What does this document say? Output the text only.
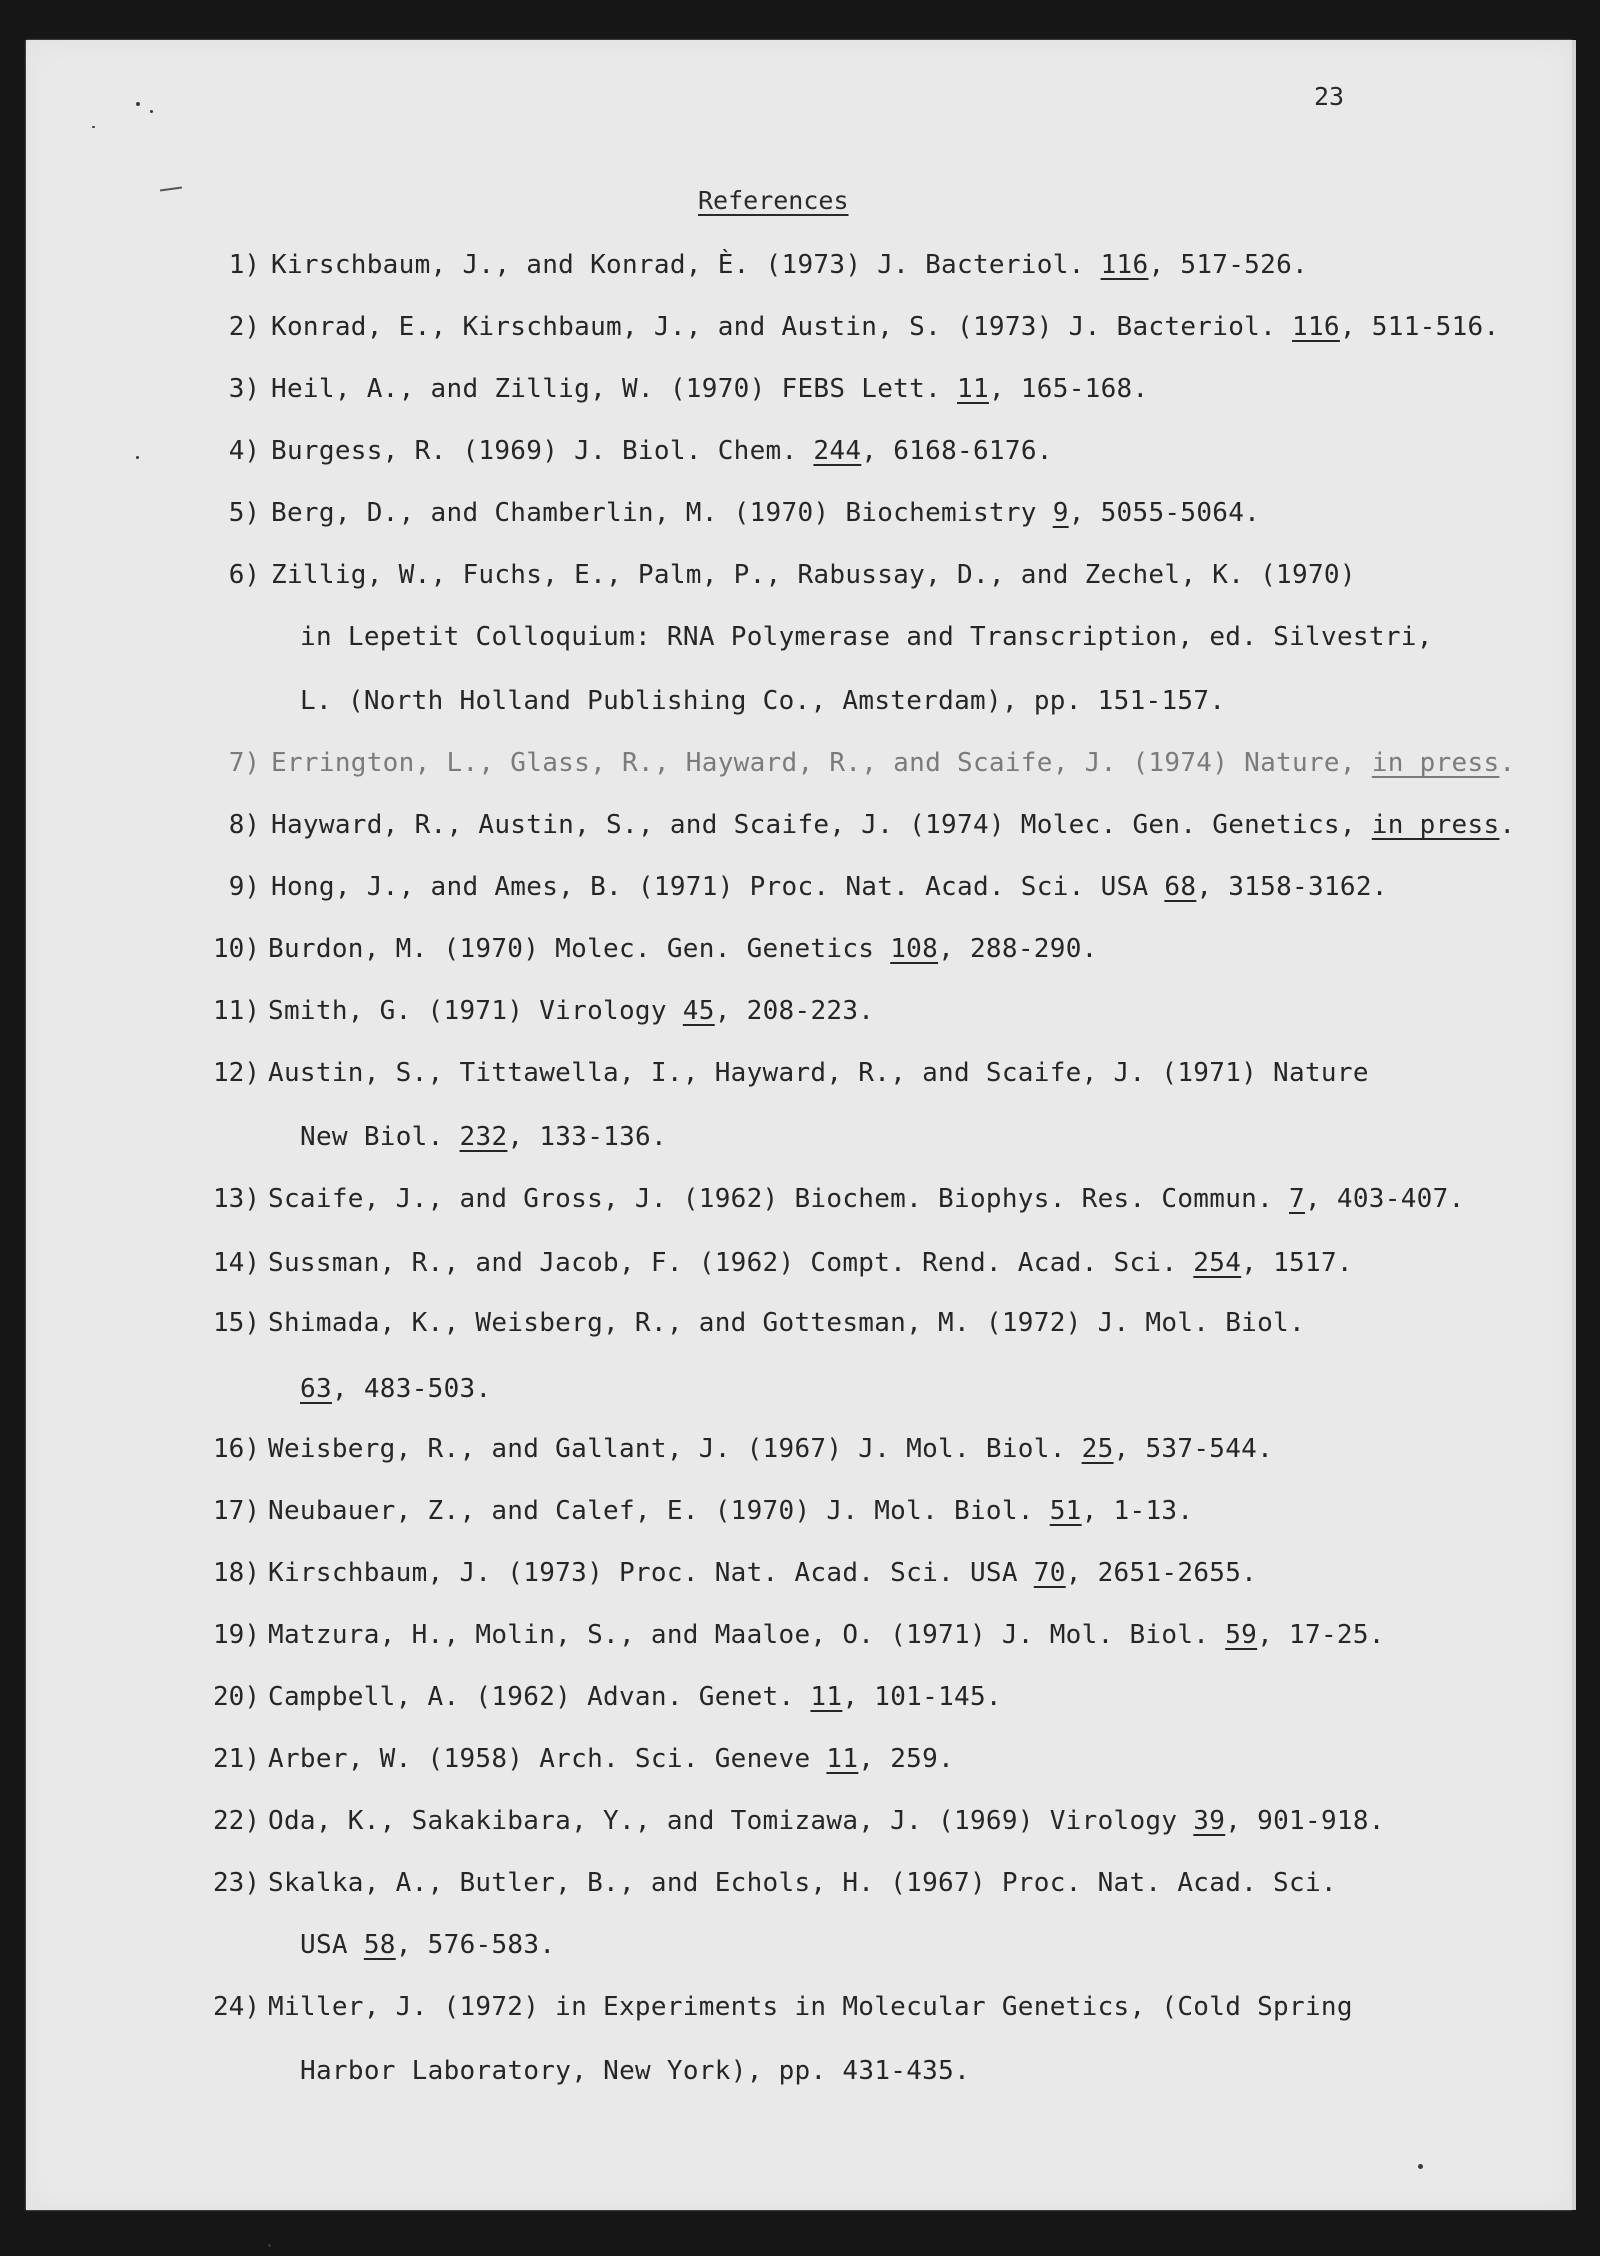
23
References
1) Kirschbaum, J., and Konrad, È. (1973) J. Bacteriol. 116, 517-526.
2) Konrad, E., Kirschbaum, J., and Austin, S. (1973) J. Bacteriol. 116, 511-516.
3) Heil, A., and Zillig, W. (1970) FEBS Lett. 11, 165-168.
4) Burgess, R. (1969) J. Biol. Chem. 244, 6168-6176.
5) Berg, D., and Chamberlin, M. (1970) Biochemistry 9, 5055-5064.
6) Zillig, W., Fuchs, E., Palm, P., Rabussay, D., and Zechel, K. (1970)
in Lepetit Colloquium: RNA Polymerase and Transcription, ed. Silvestri,
L. (North Holland Publishing Co., Amsterdam), pp. 151-157.
7) Errington, L., Glass, R., Hayward, R., and Scaife, J. (1974) Nature, in press.
8) Hayward, R., Austin, S., and Scaife, J. (1974) Molec. Gen. Genetics, in press.
9) Hong, J., and Ames, B. (1971) Proc. Nat. Acad. Sci. USA 68, 3158-3162.
10) Burdon, M. (1970) Molec. Gen. Genetics 108, 288-290.
11) Smith, G. (1971) Virology 45, 208-223.
12) Austin, S., Tittawella, I., Hayward, R., and Scaife, J. (1971) Nature
New Biol. 232, 133-136.
13) Scaife, J., and Gross, J. (1962) Biochem. Biophys. Res. Commun. 7, 403-407.
14) Sussman, R., and Jacob, F. (1962) Compt. Rend. Acad. Sci. 254, 1517.
15) Shimada, K., Weisberg, R., and Gottesman, M. (1972) J. Mol. Biol.
63, 483-503.
16) Weisberg, R., and Gallant, J. (1967) J. Mol. Biol. 25, 537-544.
17) Neubauer, Z., and Calef, E. (1970) J. Mol. Biol. 51, 1-13.
18) Kirschbaum, J. (1973) Proc. Nat. Acad. Sci. USA 70, 2651-2655.
19) Matzura, H., Molin, S., and Maaloe, O. (1971) J. Mol. Biol. 59, 17-25.
20) Campbell, A. (1962) Advan. Genet. 11, 101-145.
21) Arber, W. (1958) Arch. Sci. Geneve 11, 259.
22) Oda, K., Sakakibara, Y., and Tomizawa, J. (1969) Virology 39, 901-918.
23) Skalka, A., Butler, B., and Echols, H. (1967) Proc. Nat. Acad. Sci.
USA 58, 576-583.
24) Miller, J. (1972) in Experiments in Molecular Genetics, (Cold Spring
Harbor Laboratory, New York), pp. 431-435.
